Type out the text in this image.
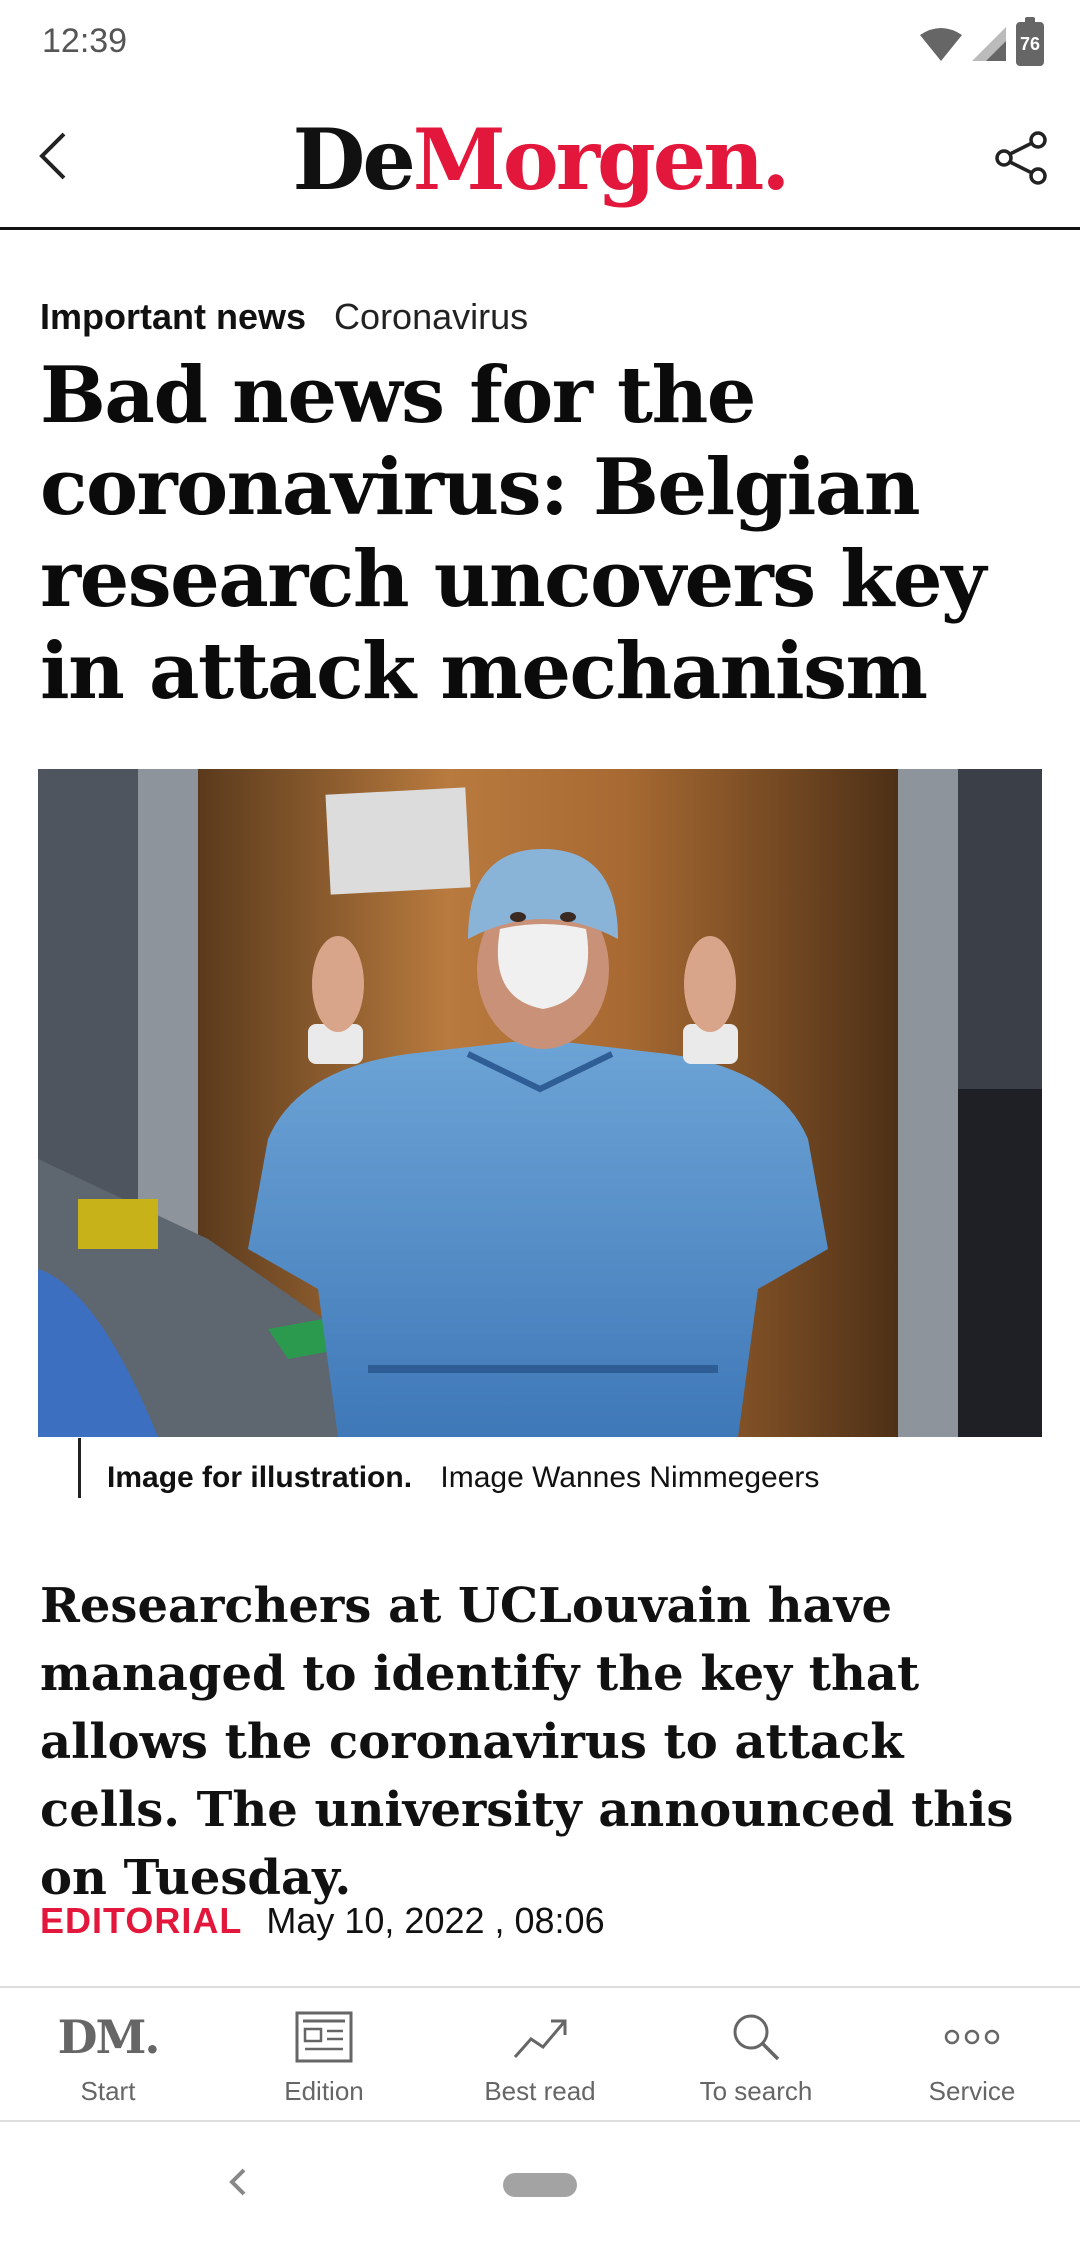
12:39	76
DeMorgen.
Important news Coronavirus
Bad news for the coronavirus: Belgian research uncovers key in attack mechanism
Image for illustration. Image Wannes Nimmegeers
Researchers at UCLouvain have managed to identify the key that allows the coronavirus to attack cells. The university announced this on Tuesday.
EDITORIAL May 10, 2022 , 08:06
DM.
Start	Edition	Best read	To search	Service
